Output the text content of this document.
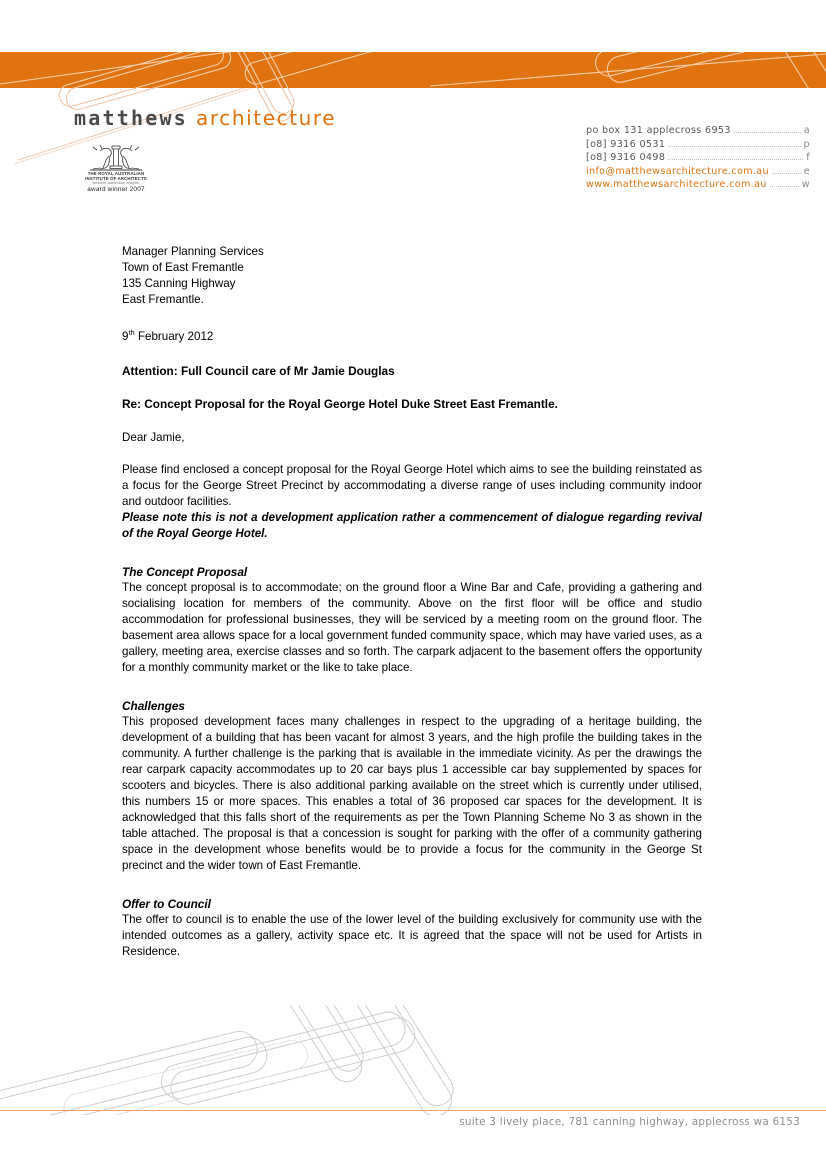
matthews architecture
THE ROYAL AUSTRALIAN
INSTITUTE OF ARCHITECTS
western australian chapter
award winner 2007
po box 131 applecross 6953	a
[o8] 9316 0531	p
[o8] 9316 0498	f
info@matthewsarchitecture.com.au	e
www.matthewsarchitecture.com.au	w
Manager Planning Services
Town of East Fremantle
135 Canning Highway
East Fremantle.
9th February 2012
Attention: Full Council care of Mr Jamie Douglas
Re: Concept Proposal for the Royal George Hotel Duke Street East Fremantle.
Dear Jamie,

Please find enclosed a concept proposal for the Royal George Hotel which aims to see the building reinstated as a focus for the George Street Precinct by accommodating a diverse range of uses including community indoor and outdoor facilities.

Please note this is not a development application rather a commencement of dialogue regarding revival of the Royal George Hotel.

The Concept Proposal

The concept proposal is to accommodate; on the ground floor a Wine Bar and Cafe, providing a gathering and socialising location for members of the community. Above on the first floor will be office and studio accommodation for professional businesses, they will be serviced by a meeting room on the ground floor. The basement area allows space for a local government funded community space, which may have varied uses, as a gallery, meeting area, exercise classes and so forth. The carpark adjacent to the basement offers the opportunity for a monthly community market or the like to take place.

Challenges

This proposed development faces many challenges in respect to the upgrading of a heritage building, the development of a building that has been vacant for almost 3 years, and the high profile the building takes in the community. A further challenge is the parking that is available in the immediate vicinity. As per the drawings the rear carpark capacity accommodates up to 20 car bays plus 1 accessible car bay supplemented by spaces for scooters and bicycles. There is also additional parking available on the street which is currently under utilised, this numbers 15 or more spaces. This enables a total of 36 proposed car spaces for the development. It is acknowledged that this falls short of the requirements as per the Town Planning Scheme No 3 as shown in the table attached. The proposal is that a concession is sought for parking with the offer of a community gathering space in the development whose benefits would be to provide a focus for the community in the George St precinct and the wider town of East Fremantle.

Offer to Council

The offer to council is to enable the use of the lower level of the building exclusively for community use with the intended outcomes as a gallery, activity space etc. It is agreed that the space will not be used for Artists in Residence.

suite 3 lively place, 781 canning highway, applecross wa 6153
